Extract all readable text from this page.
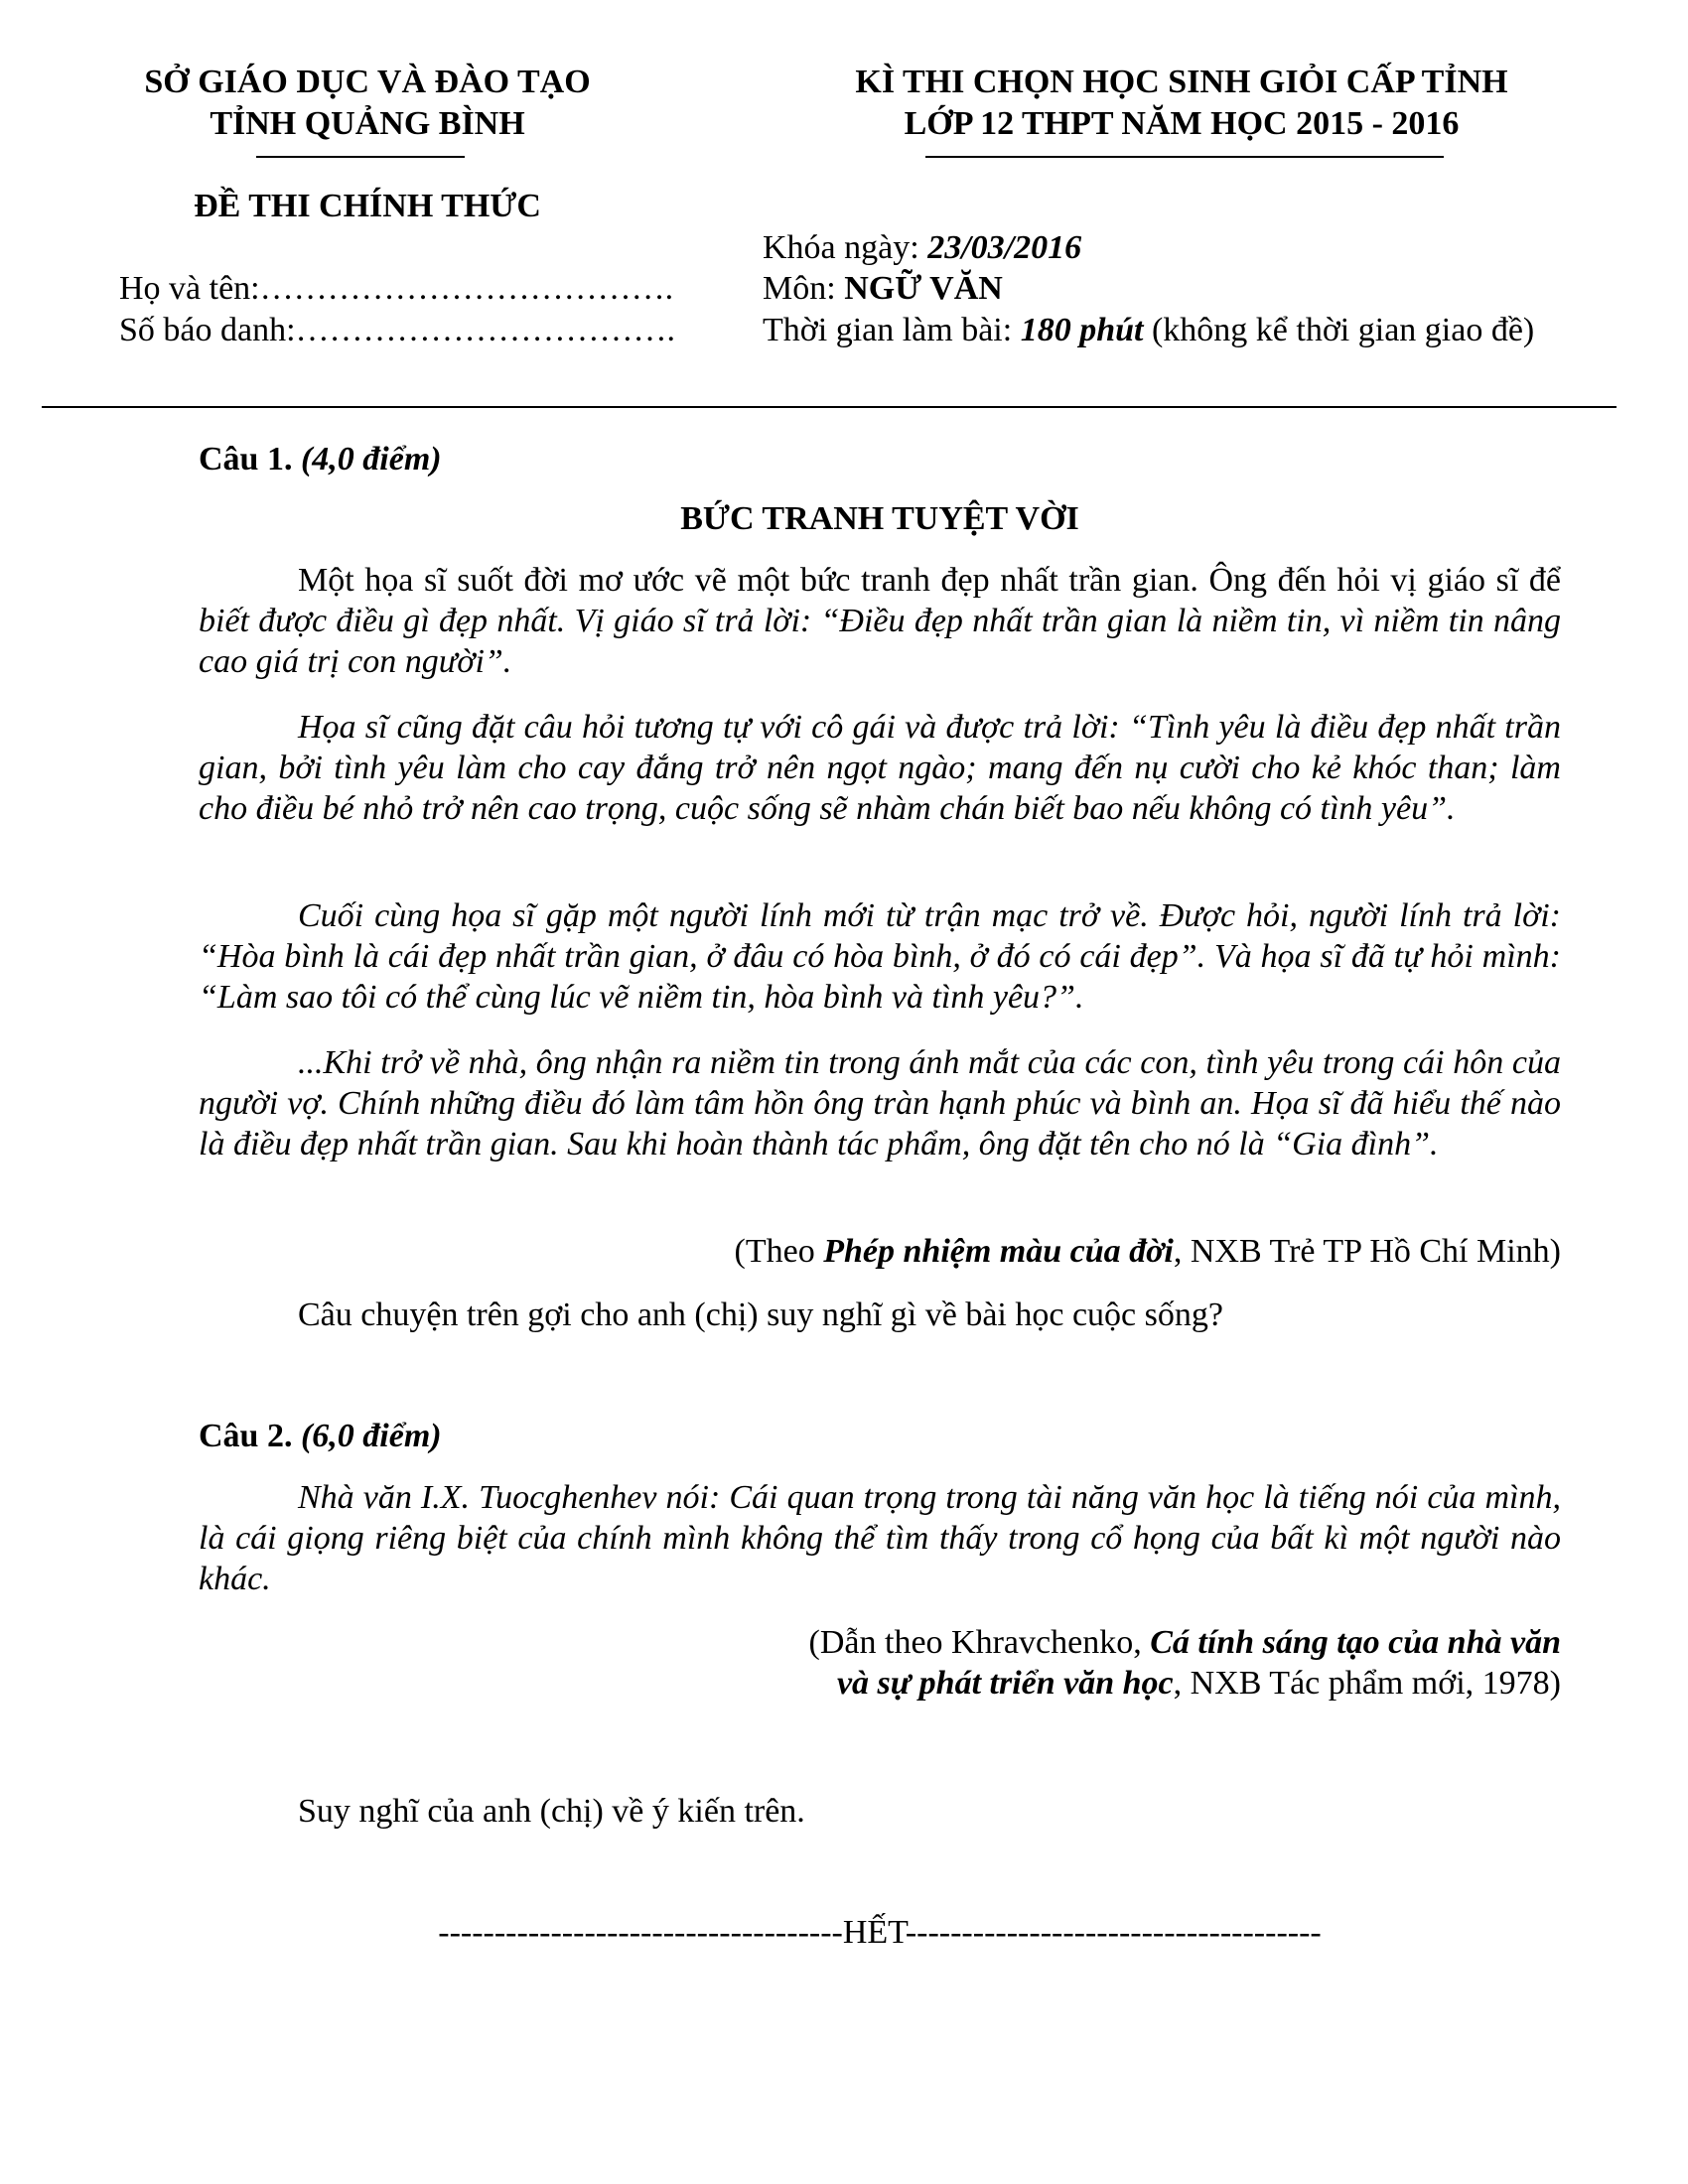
SỞ GIÁO DỤC VÀ ĐÀO TẠO
TỈNH QUẢNG BÌNH
KÌ THI CHỌN HỌC SINH GIỎI CẤP TỈNH
LỚP 12 THPT NĂM HỌC 2015 - 2016
ĐỀ THI CHÍNH THỨC
Khóa ngày: 23/03/2016
Họ và tên:……………………………….	Môn: NGỮ VĂN
Số báo danh:…………………………….	Thời gian làm bài: 180 phút (không kể thời gian giao đề)
Câu 1. (4,0 điểm)
BỨC TRANH TUYỆT VỜI
Một họa sĩ suốt đời mơ ước vẽ một bức tranh đẹp nhất trần gian. Ông đến hỏi vị giáo sĩ để biết được điều gì đẹp nhất. Vị giáo sĩ trả lời: “Điều đẹp nhất trần gian là niềm tin, vì niềm tin nâng cao giá trị con người”.
Họa sĩ cũng đặt câu hỏi tương tự với cô gái và được trả lời: “Tình yêu là điều đẹp nhất trần gian, bởi tình yêu làm cho cay đắng trở nên ngọt ngào; mang đến nụ cười cho kẻ khóc than; làm cho điều bé nhỏ trở nên cao trọng, cuộc sống sẽ nhàm chán biết bao nếu không có tình yêu”.
Cuối cùng họa sĩ gặp một người lính mới từ trận mạc trở về. Được hỏi, người lính trả lời: “Hòa bình là cái đẹp nhất trần gian, ở đâu có hòa bình, ở đó có cái đẹp”. Và họa sĩ đã tự hỏi mình: “Làm sao tôi có thể cùng lúc vẽ niềm tin, hòa bình và tình yêu?”.
...Khi trở về nhà, ông nhận ra niềm tin trong ánh mắt của các con, tình yêu trong cái hôn của người vợ. Chính những điều đó làm tâm hồn ông tràn hạnh phúc và bình an. Họa sĩ đã hiểu thế nào là điều đẹp nhất trần gian. Sau khi hoàn thành tác phẩm, ông đặt tên cho nó là “Gia đình”.
(Theo Phép nhiệm màu của đời, NXB Trẻ TP Hồ Chí Minh)
Câu chuyện trên gợi cho anh (chị) suy nghĩ gì về bài học cuộc sống?
Câu 2. (6,0 điểm)
Nhà văn I.X. Tuocghenhev nói: Cái quan trọng trong tài năng văn học là tiếng nói của mình, là cái giọng riêng biệt của chính mình không thể tìm thấy trong cổ họng của bất kì một người nào khác.
(Dẫn theo Khravchenko, Cá tính sáng tạo của nhà văn
và sự phát triển văn học, NXB Tác phẩm mới, 1978)
Suy nghĩ của anh (chị) về ý kiến trên.
------------------------------------HẾT-------------------------------------
